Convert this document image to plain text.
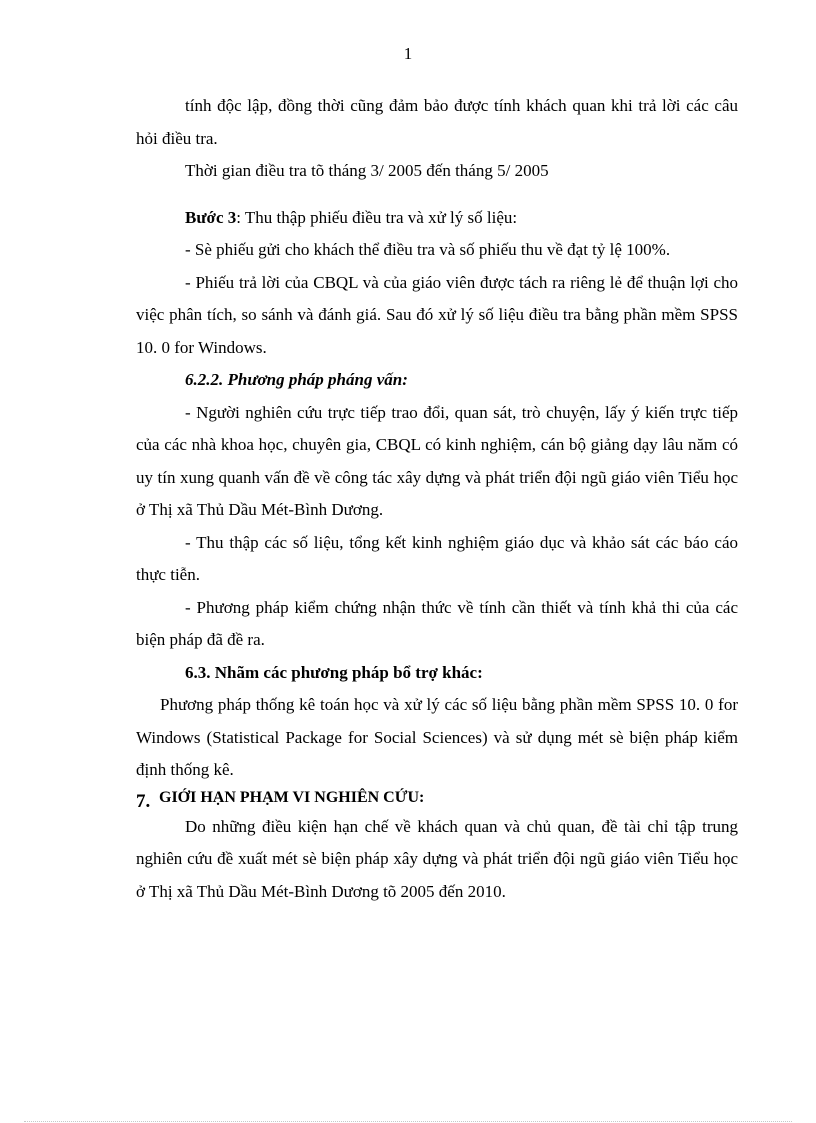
1

tính độc lập, đồng thời cũng đảm bảo được tính khách quan khi trả lời các câu hỏi điều tra.

Thời gian điều tra tõ tháng 3/ 2005 đến tháng 5/ 2005

Bước 3: Thu thập phiếu điều tra và xử lý số liệu:

- Sè phiếu gửi cho khách thể điều tra và số phiếu thu về đạt tỷ lệ 100%.

- Phiếu trả lời của CBQL và của giáo viên được tách ra riêng lẻ để thuận lợi cho việc phân tích, so sánh và đánh giá. Sau đó xử lý số liệu điều tra bằng phần mềm SPSS 10. 0 for Windows.

6.2.2. Phương pháp pháng vấn:

- Người nghiên cứu trực tiếp trao đổi, quan sát, trò chuyện, lấy ý kiến trực tiếp của các nhà khoa học, chuyên gia, CBQL có kinh nghiệm, cán bộ giảng dạy lâu năm có uy tín xung quanh vấn đề về công tác xây dựng và phát triển đội ngũ giáo viên Tiểu học ở Thị xã Thủ Dầu Mét-Bình Dương.

- Thu thập các số liệu, tổng kết kinh nghiệm giáo dục và khảo sát các báo cáo thực tiễn.

- Phương pháp kiểm chứng nhận thức về tính cần thiết và tính khả thi của các biện pháp đã đề ra.

6.3. Nhãm các phương pháp bổ trợ khác:

Phương pháp thống kê toán học và xử lý các số liệu bằng phần mềm SPSS 10. 0 for Windows (Statistical Package for Social Sciences) và sử dụng mét sè biện pháp kiểm định thống kê.

7. GIỚI HẠN PHẠM VI NGHIÊN CỨU:

Do những điều kiện hạn chế về khách quan và chủ quan, đề tài chỉ tập trung nghiên cứu đề xuất mét sè biện pháp xây dựng và phát triển đội ngũ giáo viên Tiểu học ở Thị xã Thủ Dầu Mét-Bình Dương tõ 2005 đến 2010.
